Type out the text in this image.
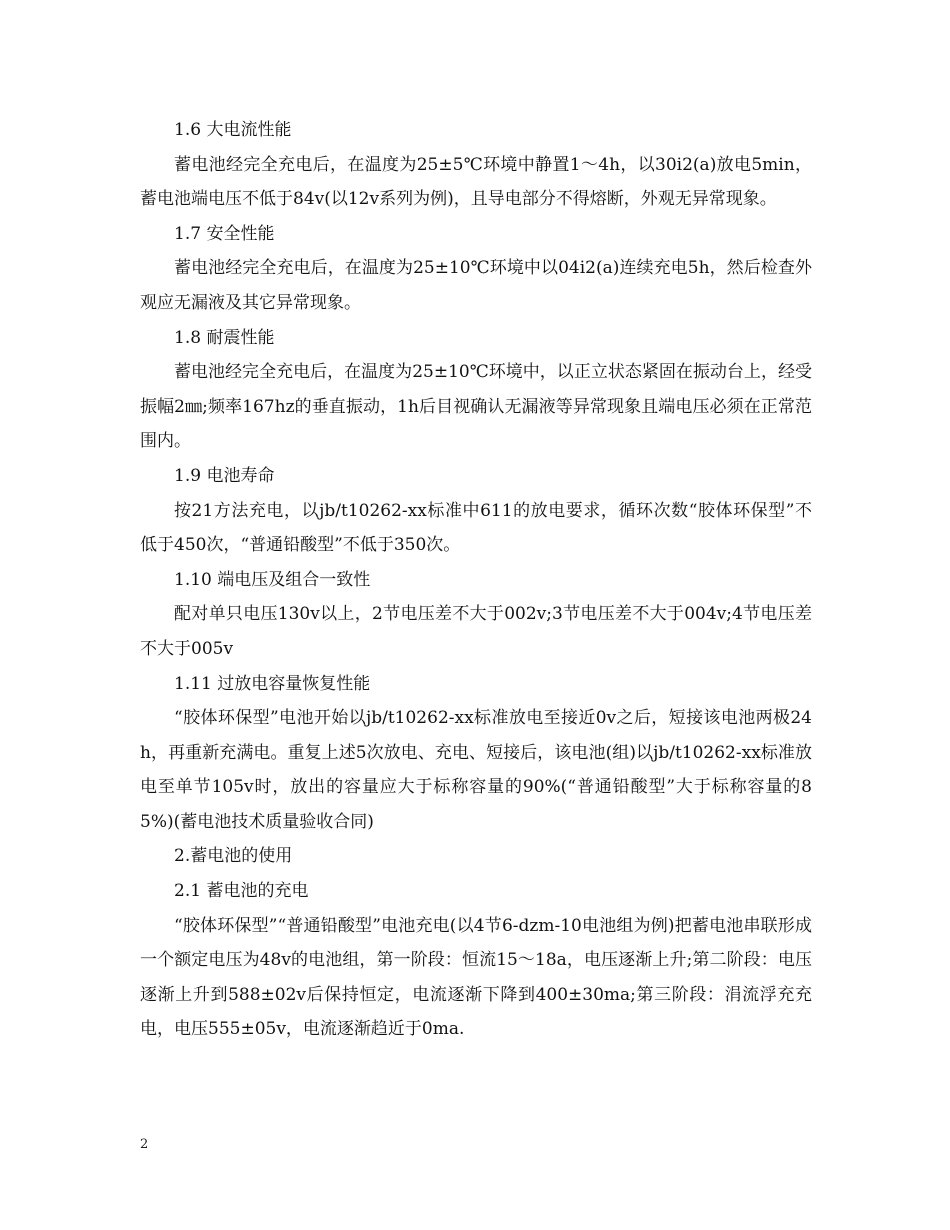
1.6 大电流性能

蓄电池经完全充电后，在温度为25±5℃环境中静置1～4h，以30i2(a)放电5min，蓄电池端电压不低于84v(以12v系列为例)，且导电部分不得熔断，外观无异常现象。

1.7 安全性能

蓄电池经完全充电后，在温度为25±10℃环境中以04i2(a)连续充电5h，然后检查外观应无漏液及其它异常现象。

1.8 耐震性能

蓄电池经完全充电后，在温度为25±10℃环境中，以正立状态紧固在振动台上，经受振幅2㎜;频率167hz的垂直振动，1h后目视确认无漏液等异常现象且端电压必须在正常范围内。

1.9 电池寿命

按21方法充电，以jb/t10262-xx标准中611的放电要求，循环次数“胶体环保型”不低于450次，“普通铅酸型”不低于350次。

1.10 端电压及组合一致性

配对单只电压130v以上，2节电压差不大于002v;3节电压差不大于004v;4节电压差不大于005v

1.11 过放电容量恢复性能

“胶体环保型”电池开始以jb/t10262-xx标准放电至接近0v之后，短接该电池两极24h，再重新充满电。重复上述5次放电、充电、短接后，该电池(组)以jb/t10262-xx标准放电至单节105v时，放出的容量应大于标称容量的90%(“普通铅酸型”大于标称容量的85%)(蓄电池技术质量验收合同)

2.蓄电池的使用

2.1 蓄电池的充电

“胶体环保型”“普通铅酸型”电池充电(以4节6-dzm-10电池组为例)把蓄电池串联形成一个额定电压为48v的电池组，第一阶段：恒流15～18a，电压逐渐上升;第二阶段：电压逐渐上升到588±02v后保持恒定，电流逐渐下降到400±30ma;第三阶段：涓流浮充充电，电压555±05v，电流逐渐趋近于0ma.

2
